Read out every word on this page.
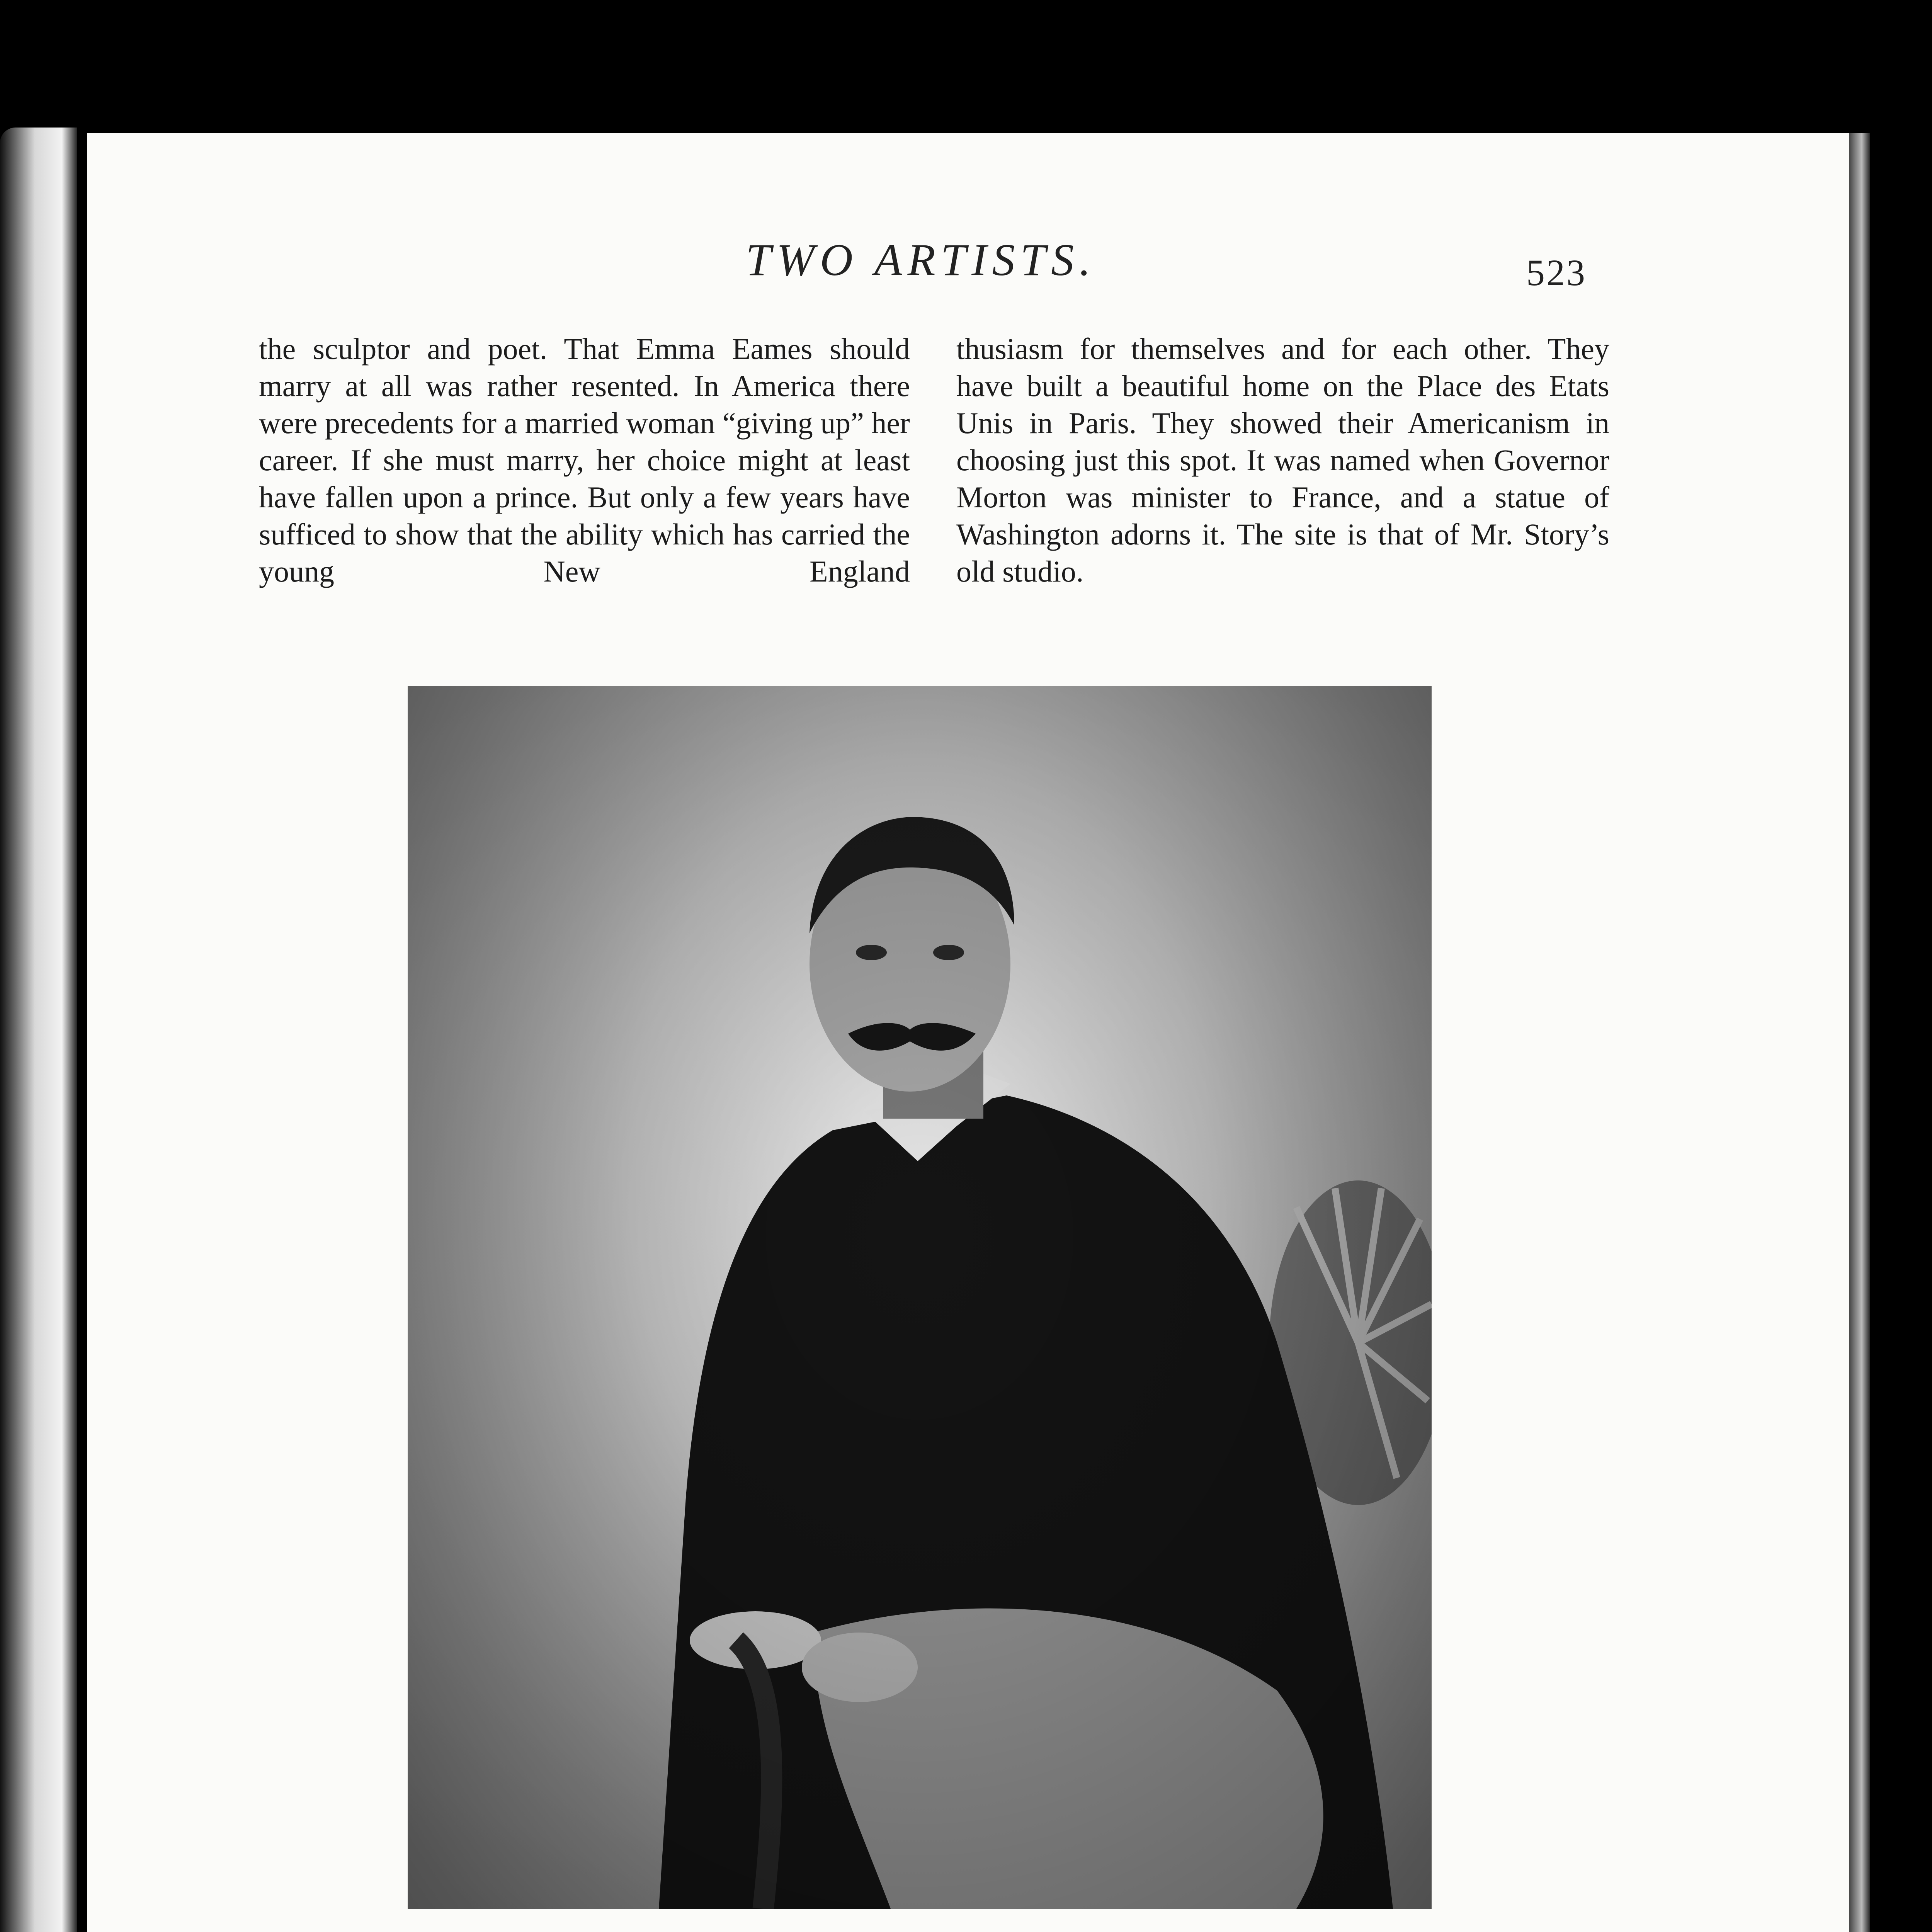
TWO ARTISTS.	523

the sculptor and poet. That Emma Eames should marry at all was rather resented. In America there were precedents for a married woman “giving up” her career. If she must marry, her choice might at least have fallen upon a prince. But only a few years have sufficed to show that the ability which has carried the young New England

thusiasm for themselves and for each other. They have built a beautiful home on the Place des Etats Unis in Paris. They showed their Americanism in choosing just this spot. It was named when Governor Morton was minister to France, and a statue of Washington adorns it. The site is that of Mr. Story’s old studio.
